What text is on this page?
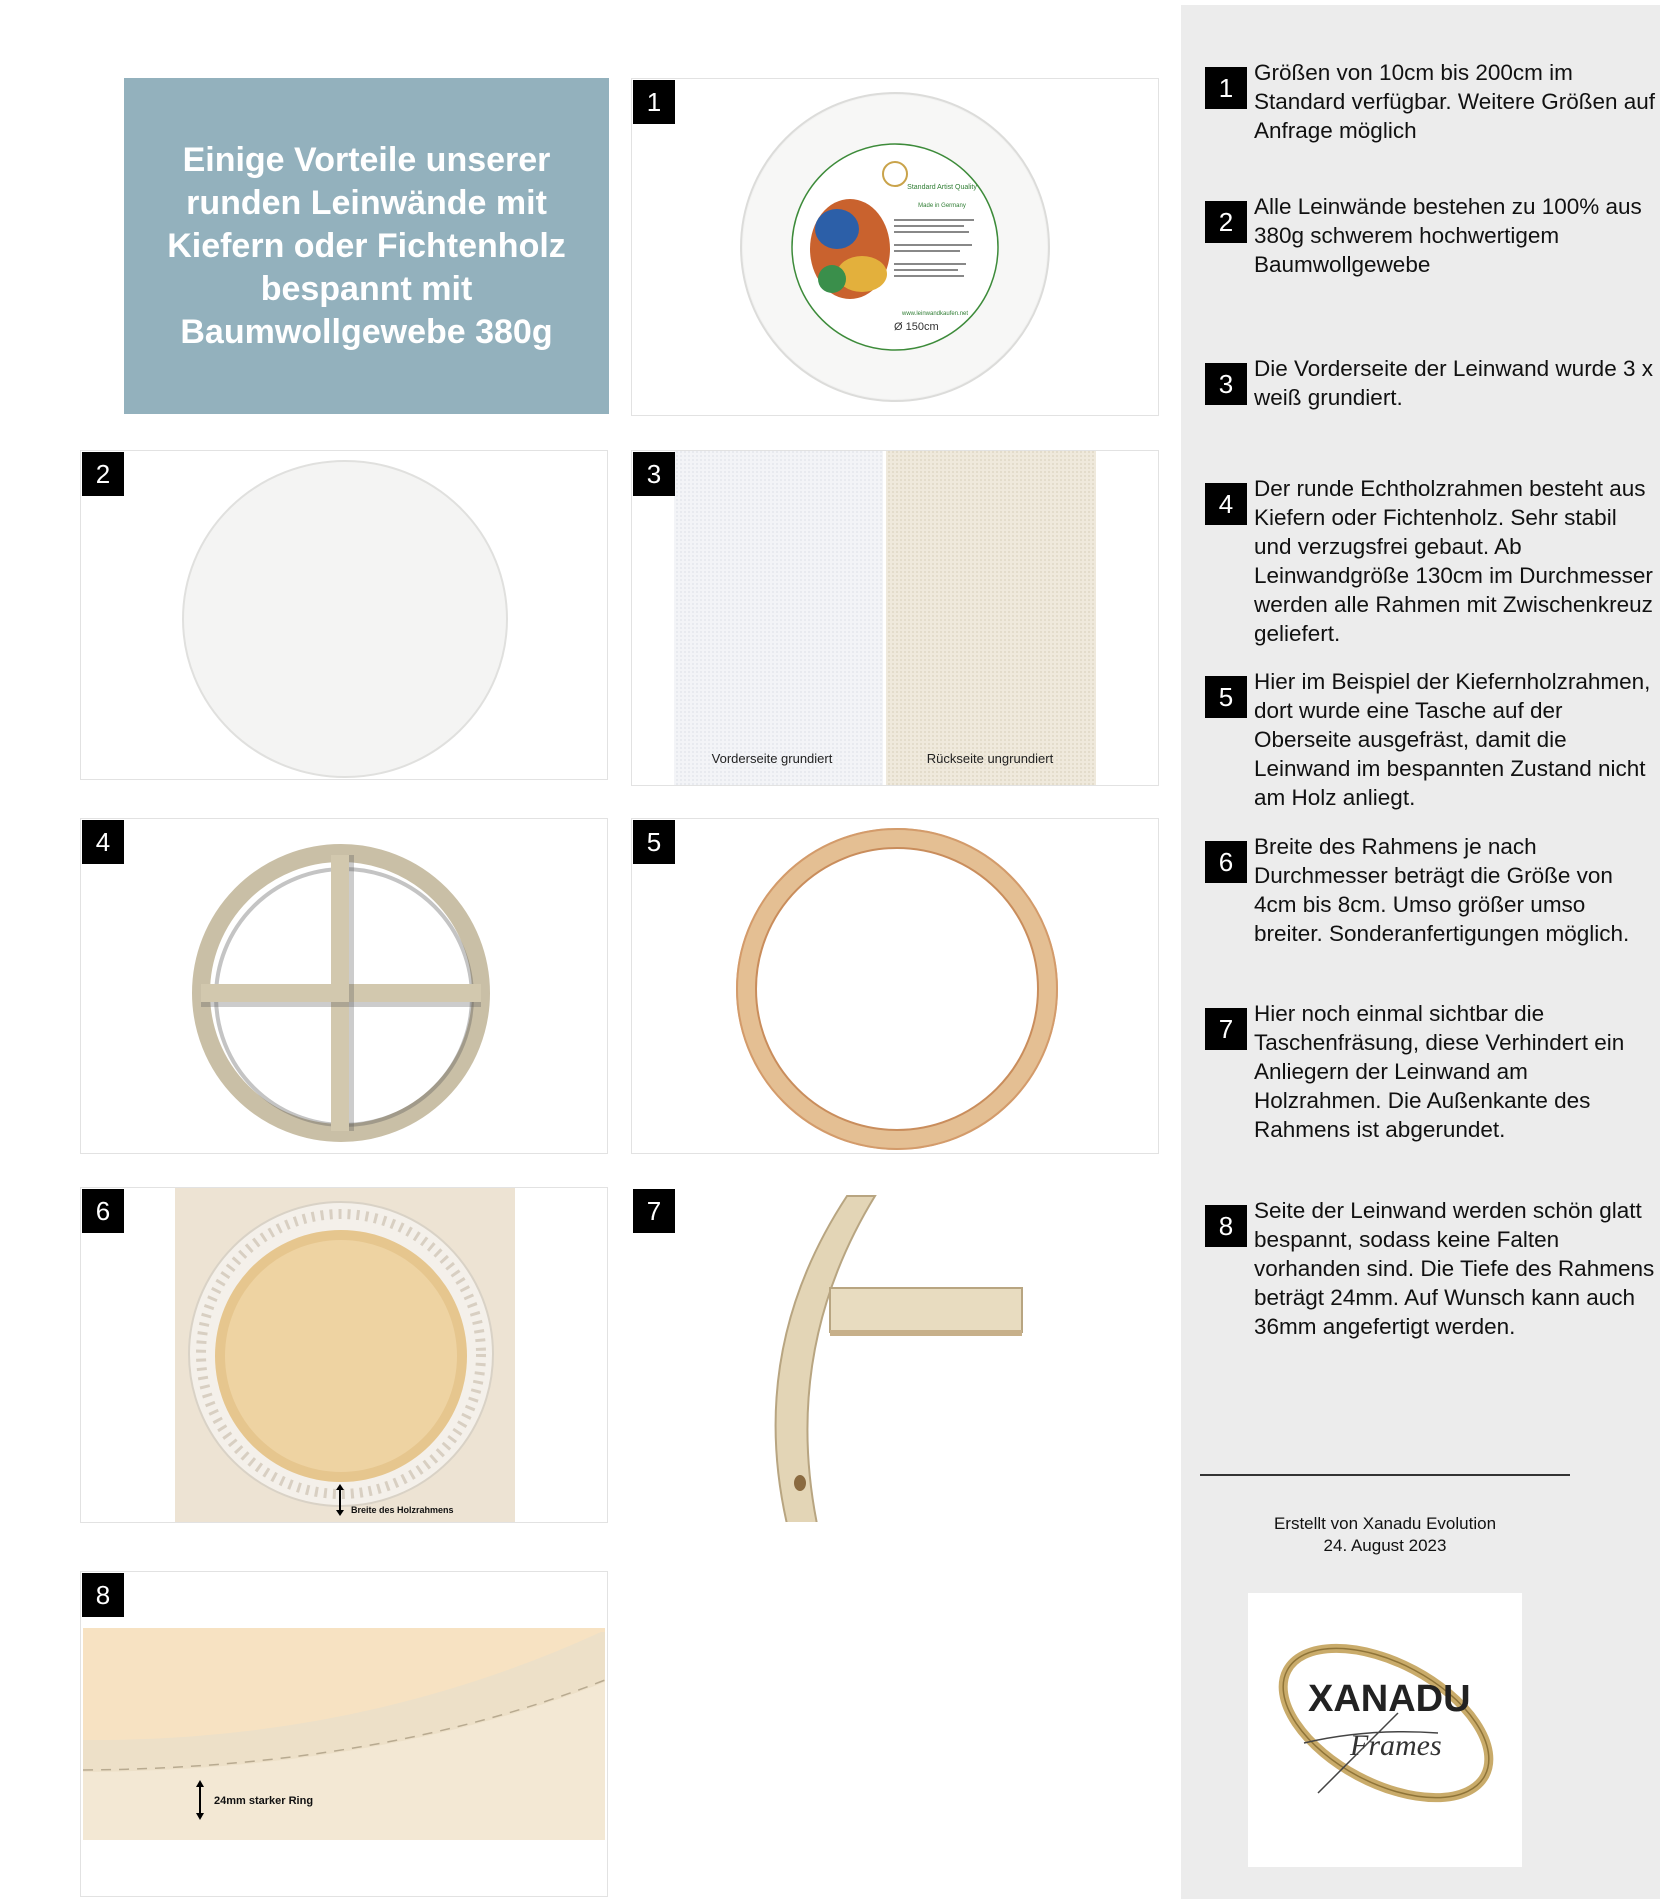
Einige Vorteile unserer
runden Leinwände mit
Kiefern oder Fichtenholz
bespannt mit
Baumwollgewebe 380g
Standard Artist Quality
Made in Germany
www.leinwandkaufen.net
Ø 150cm
1
2
Vorderseite grundiert	Rückseite ungrundiert
3
4	5
Breite des Holzrahmens
6	7
24mm starker Ring
8
1 Größen von 10cm bis 200cm im Standard verfügbar. Weitere Größen auf Anfrage möglich
2 Alle Leinwände bestehen zu 100% aus 380g schwerem hochwertigem Baumwollgewebe
3 Die Vorderseite der Leinwand wurde 3 x weiß grundiert.
4 Der runde Echtholzrahmen besteht aus Kiefern oder Fichtenholz. Sehr stabil und verzugsfrei gebaut. Ab Leinwandgröße 130cm im Durchmesser werden alle Rahmen mit Zwischenkreuz geliefert.
5 Hier im Beispiel der Kiefernholzrahmen, dort wurde eine Tasche auf der Oberseite ausgefräst, damit die Leinwand im bespannten Zustand nicht am Holz anliegt.
6 Breite des Rahmens je nach Durchmesser beträgt die Größe von 4cm bis 8cm. Umso größer umso breiter. Sonderanfertigungen möglich.
7 Hier noch einmal sichtbar die Taschenfräsung, diese Verhindert ein Anliegern der Leinwand am Holzrahmen. Die Außenkante des Rahmens ist abgerundet.
8 Seite der Leinwand werden schön glatt bespannt, sodass keine Falten vorhanden sind. Die Tiefe des Rahmens beträgt 24mm. Auf Wunsch kann auch 36mm angefertigt werden.
Erstellt von Xanadu Evolution
24. August 2023
XANADU
Frames
